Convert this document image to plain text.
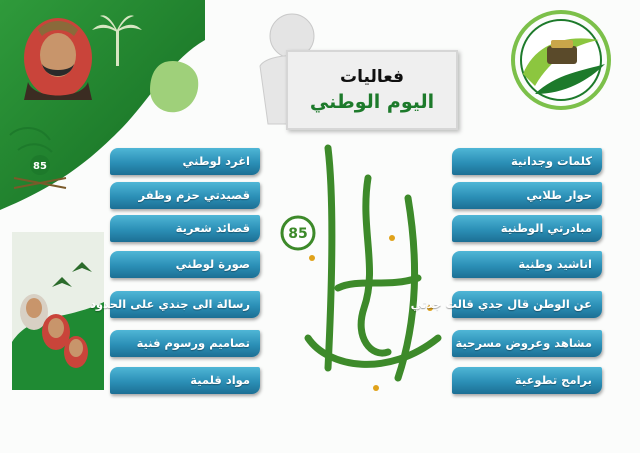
85
فعاليات
اليوم الوطني
85
اغرد لوطني
قصيدتي حزم وظفر
قصائد شعرية
صورة لوطني
رسالة الى جندي على الحدود
تصاميم ورسوم فنية
مواد قلمية
كلمات وجدانية
حوار طلابي
مبادرتي الوطنية
اناشيد وطنية
عن الوطن قال جدي قالت جدتي
مشاهد وعروض مسرحية
برامج تطوعية
